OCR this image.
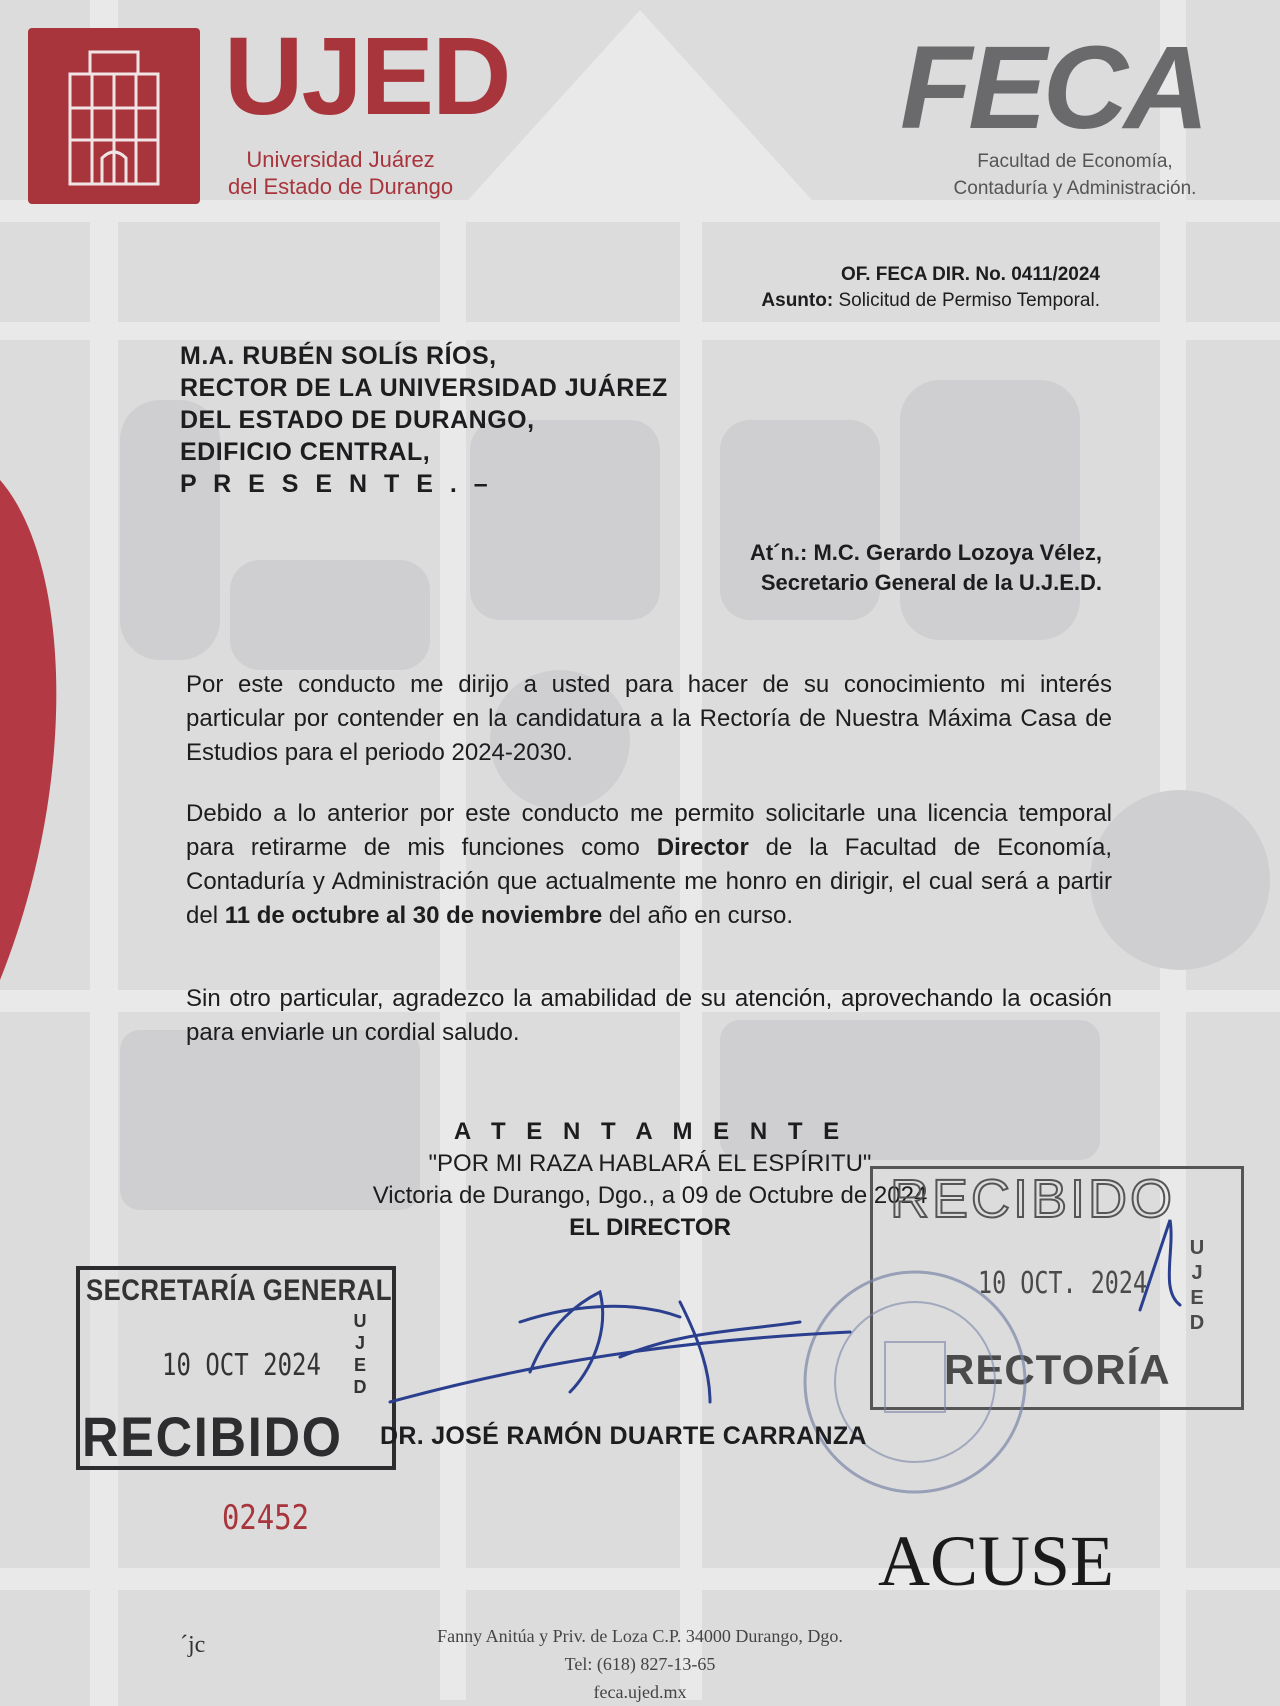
UJED
Universidad Juárez
del Estado de Durango
FECA
Facultad de Economía,
Contaduría y Administración.
OF. FECA DIR. No. 0411/2024
Asunto: Solicitud de Permiso Temporal.
M.A. RUBÉN SOLÍS RÍOS,
RECTOR DE LA UNIVERSIDAD JUÁREZ
DEL ESTADO DE DURANGO,
EDIFICIO CENTRAL,
P R E S E N T E . –
At´n.: M.C. Gerardo Lozoya Vélez,
Secretario General de la U.J.E.D.
Por este conducto me dirijo a usted para hacer de su conocimiento mi interés particular por contender en la candidatura a la Rectoría de Nuestra Máxima Casa de Estudios para el periodo 2024-2030.
Debido a lo anterior por este conducto me permito solicitarle una licencia temporal para retirarme de mis funciones como Director de la Facultad de Economía, Contaduría y Administración que actualmente me honro en dirigir, el cual será a partir del 11 de octubre al 30 de noviembre del año en curso.
Sin otro particular, agradezco la amabilidad de su atención, aprovechando la ocasión para enviarle un cordial saludo.
A T E N T A M E N T E
"POR MI RAZA HABLARÁ EL ESPÍRITU"
Victoria de Durango, Dgo., a 09 de Octubre de 2024
EL DIRECTOR
SECRETARÍA GENERAL
10 OCT 2024
RECIBIDO
U
J
E
D
RECIBIDO
10 OCT. 2024
RECTORÍA
U
J
E
D
DR. JOSÉ RAMÓN DUARTE CARRANZA
02452
ACUSE
´jc	Fanny Anitúa y Priv. de Loza C.P. 34000 Durango, Dgo.
Tel: (618) 827-13-65
feca.ujed.mx
